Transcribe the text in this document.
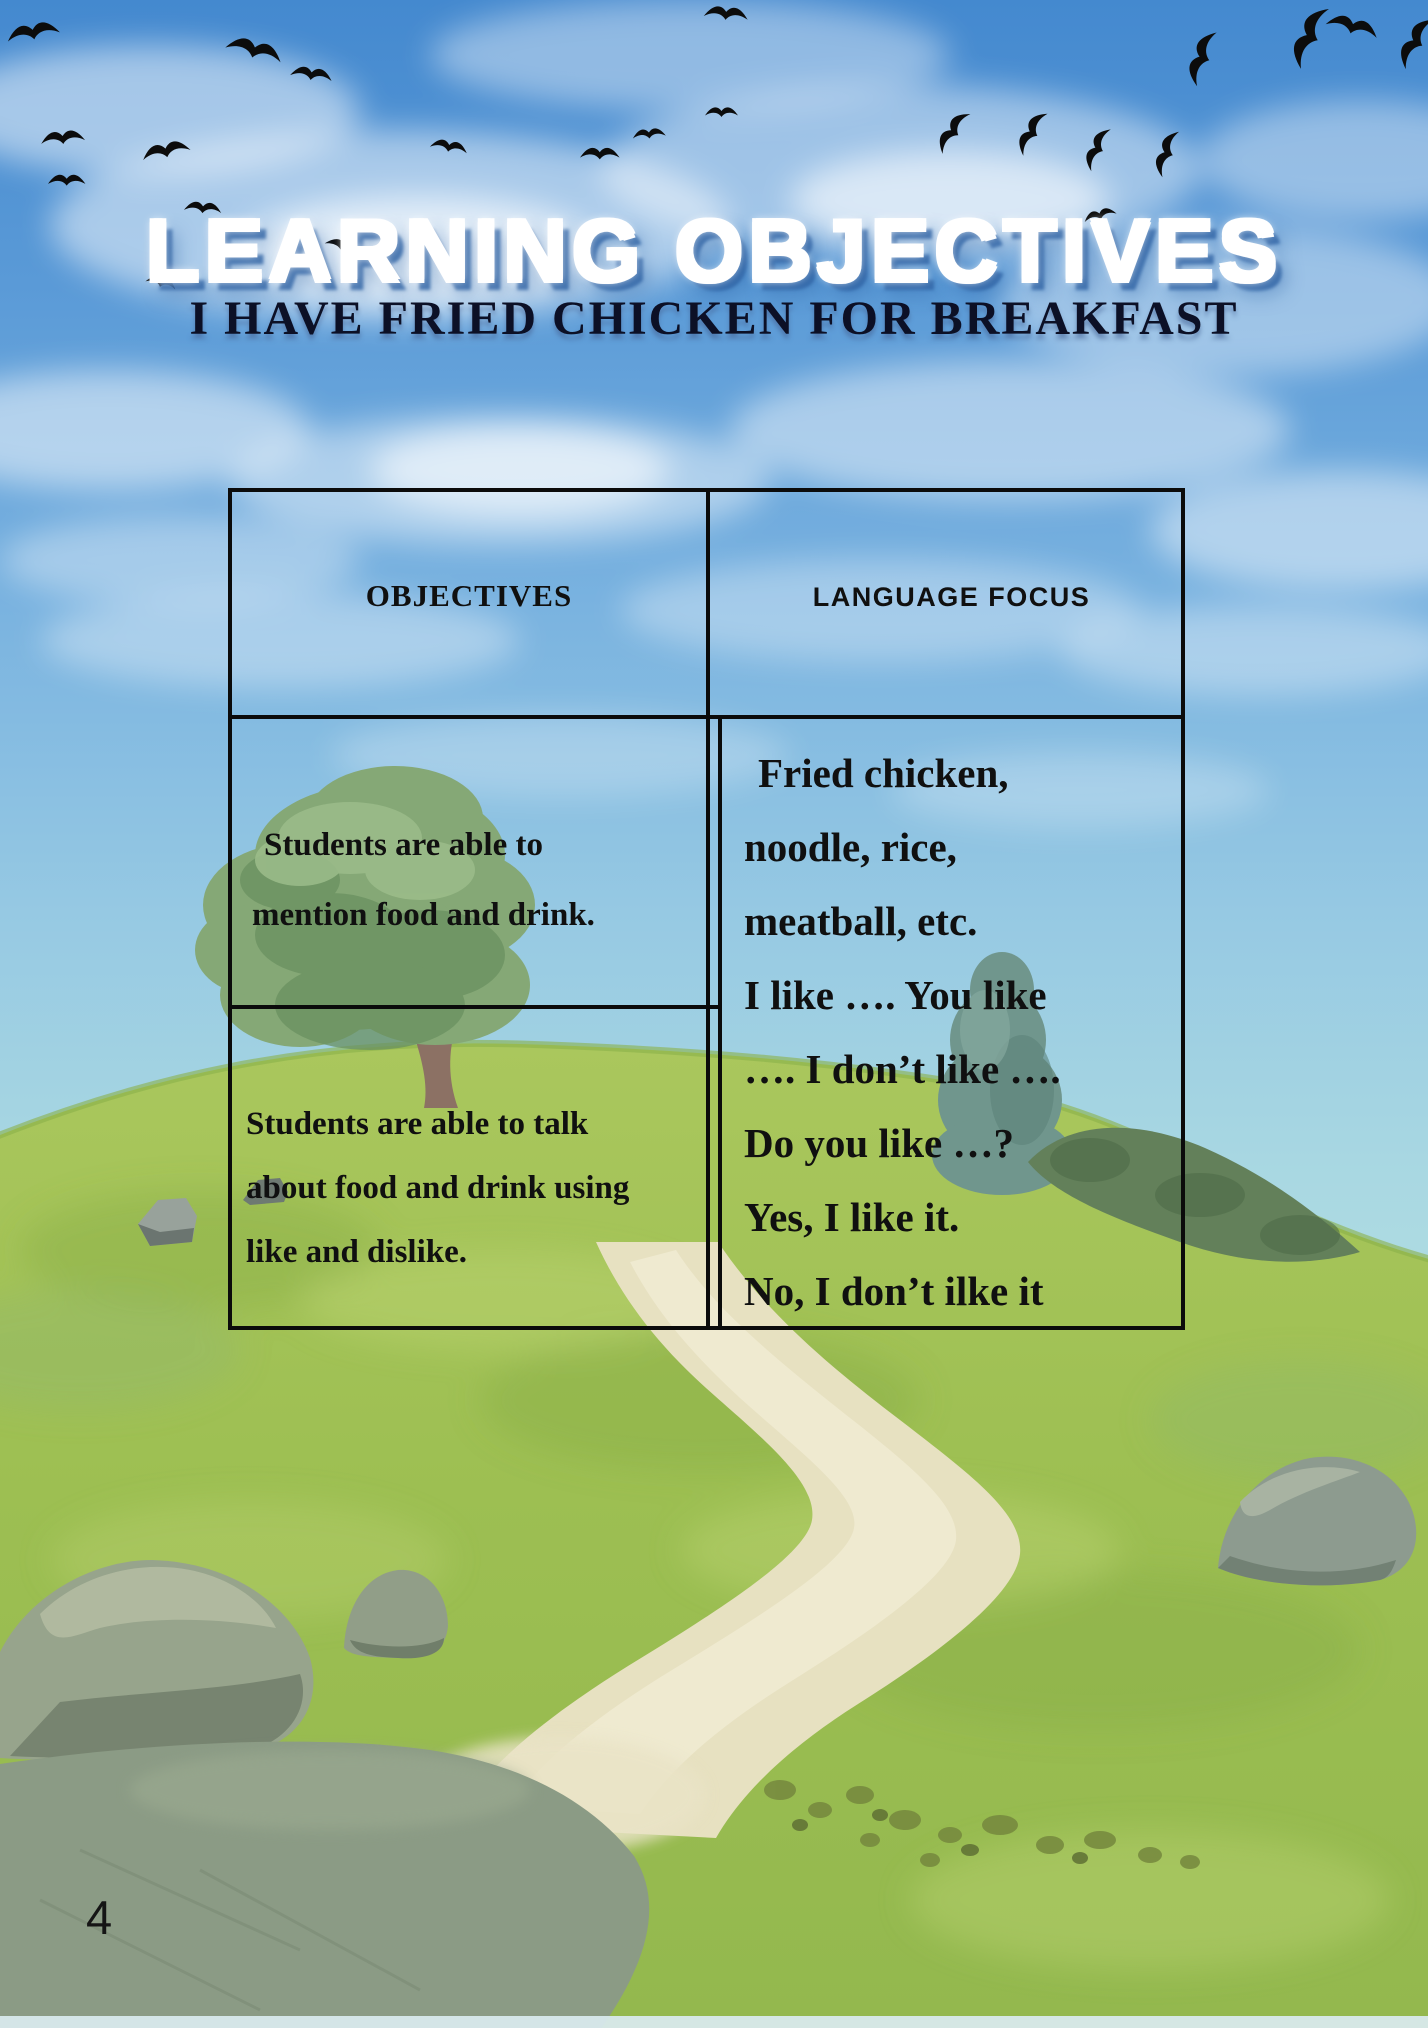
LEARNING OBJECTIVES
I HAVE FRIED CHICKEN FOR BREAKFAST
OBJECTIVES	LANGUAGE FOCUS
Students are able to
mention food and drink.
Students are able to talk
about food and drink using
like and dislike.
Fried chicken,
noodle, rice,
meatball, etc.
I like …. You like
…. I don’t like ….
Do you like …?
Yes, I like it.
No, I don’t ilke it
4
